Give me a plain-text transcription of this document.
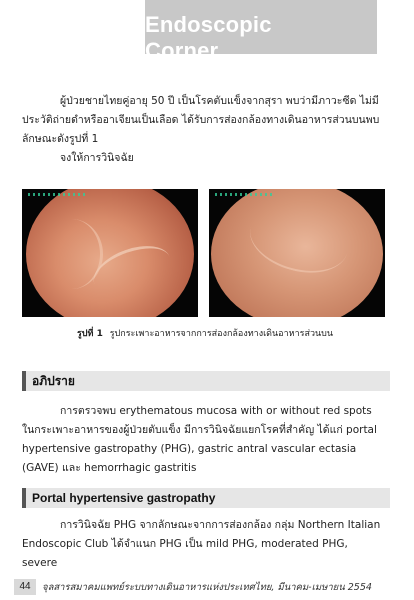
Endoscopic Corner
ผู้ป่วยชายไทยคู่อายุ 50 ปี เป็นโรคตับแข็งจากสุรา พบว่ามีภาวะซีด ไม่มีประวัติถ่ายดำหรืออาเจียนเป็นเลือด ได้รับการส่องกล้องทางเดินอาหารส่วนบนพบลักษณะดังรูปที่ 1
จงให้การวินิจฉัย
รูปที่ 1 รูปกระเพาะอาหารจากการส่องกล้องทางเดินอาหารส่วนบน
อภิปราย
การตรวจพบ erythematous mucosa with or without red spots ในกระเพาะอาหารของผู้ป่วยตับแข็ง มีการวินิจฉัยแยกโรคที่สำคัญ ได้แก่ portal hypertensive gastropathy (PHG), gastric antral vascular ectasia (GAVE) และ hemorrhagic gastritis
Portal hypertensive gastropathy
การวินิจฉัย PHG จากลักษณะจากการส่องกล้อง กลุ่ม Northern Italian Endoscopic Club ได้จำแนก PHG เป็น mild PHG, moderated PHG, severe
44	จุลสารสมาคมแพทย์ระบบทางเดินอาหารแห่งประเทศไทย, มีนาคม-เมษายน 2554
